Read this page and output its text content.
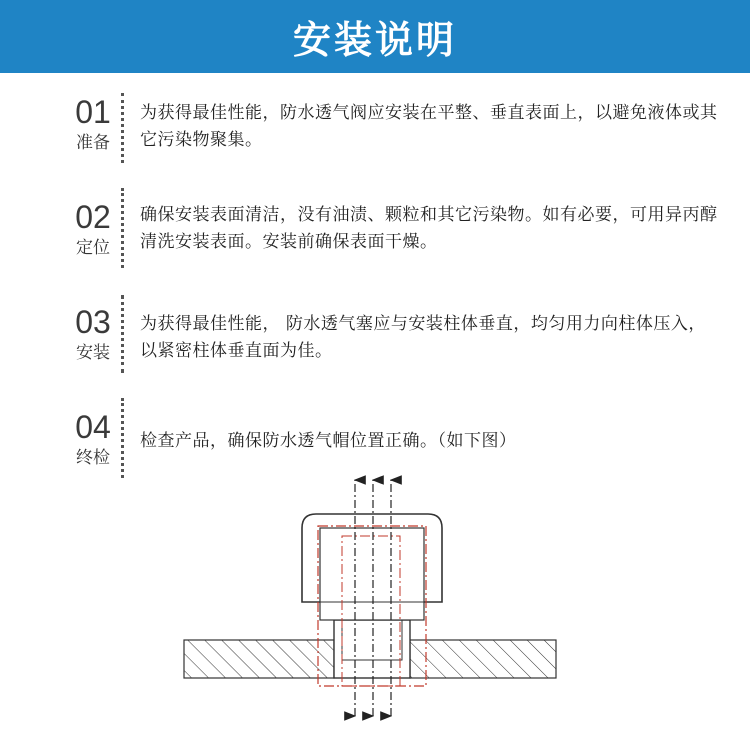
安装说明
01
准备
为获得最佳性能，防水透气阀应安装在平整、垂直表面上，以避免液体或其它污染物聚集。
02
定位
确保安装表面清洁，没有油渍、颗粒和其它污染物。如有必要，可用异丙醇清洗安装表面。安装前确保表面干燥。
03
安装
为获得最佳性能， 防水透气塞应与安装柱体垂直，均匀用力向柱体压入，以紧密柱体垂直面为佳。
04
终检
检查产品，确保防水透气帽位置正确。（如下图）
